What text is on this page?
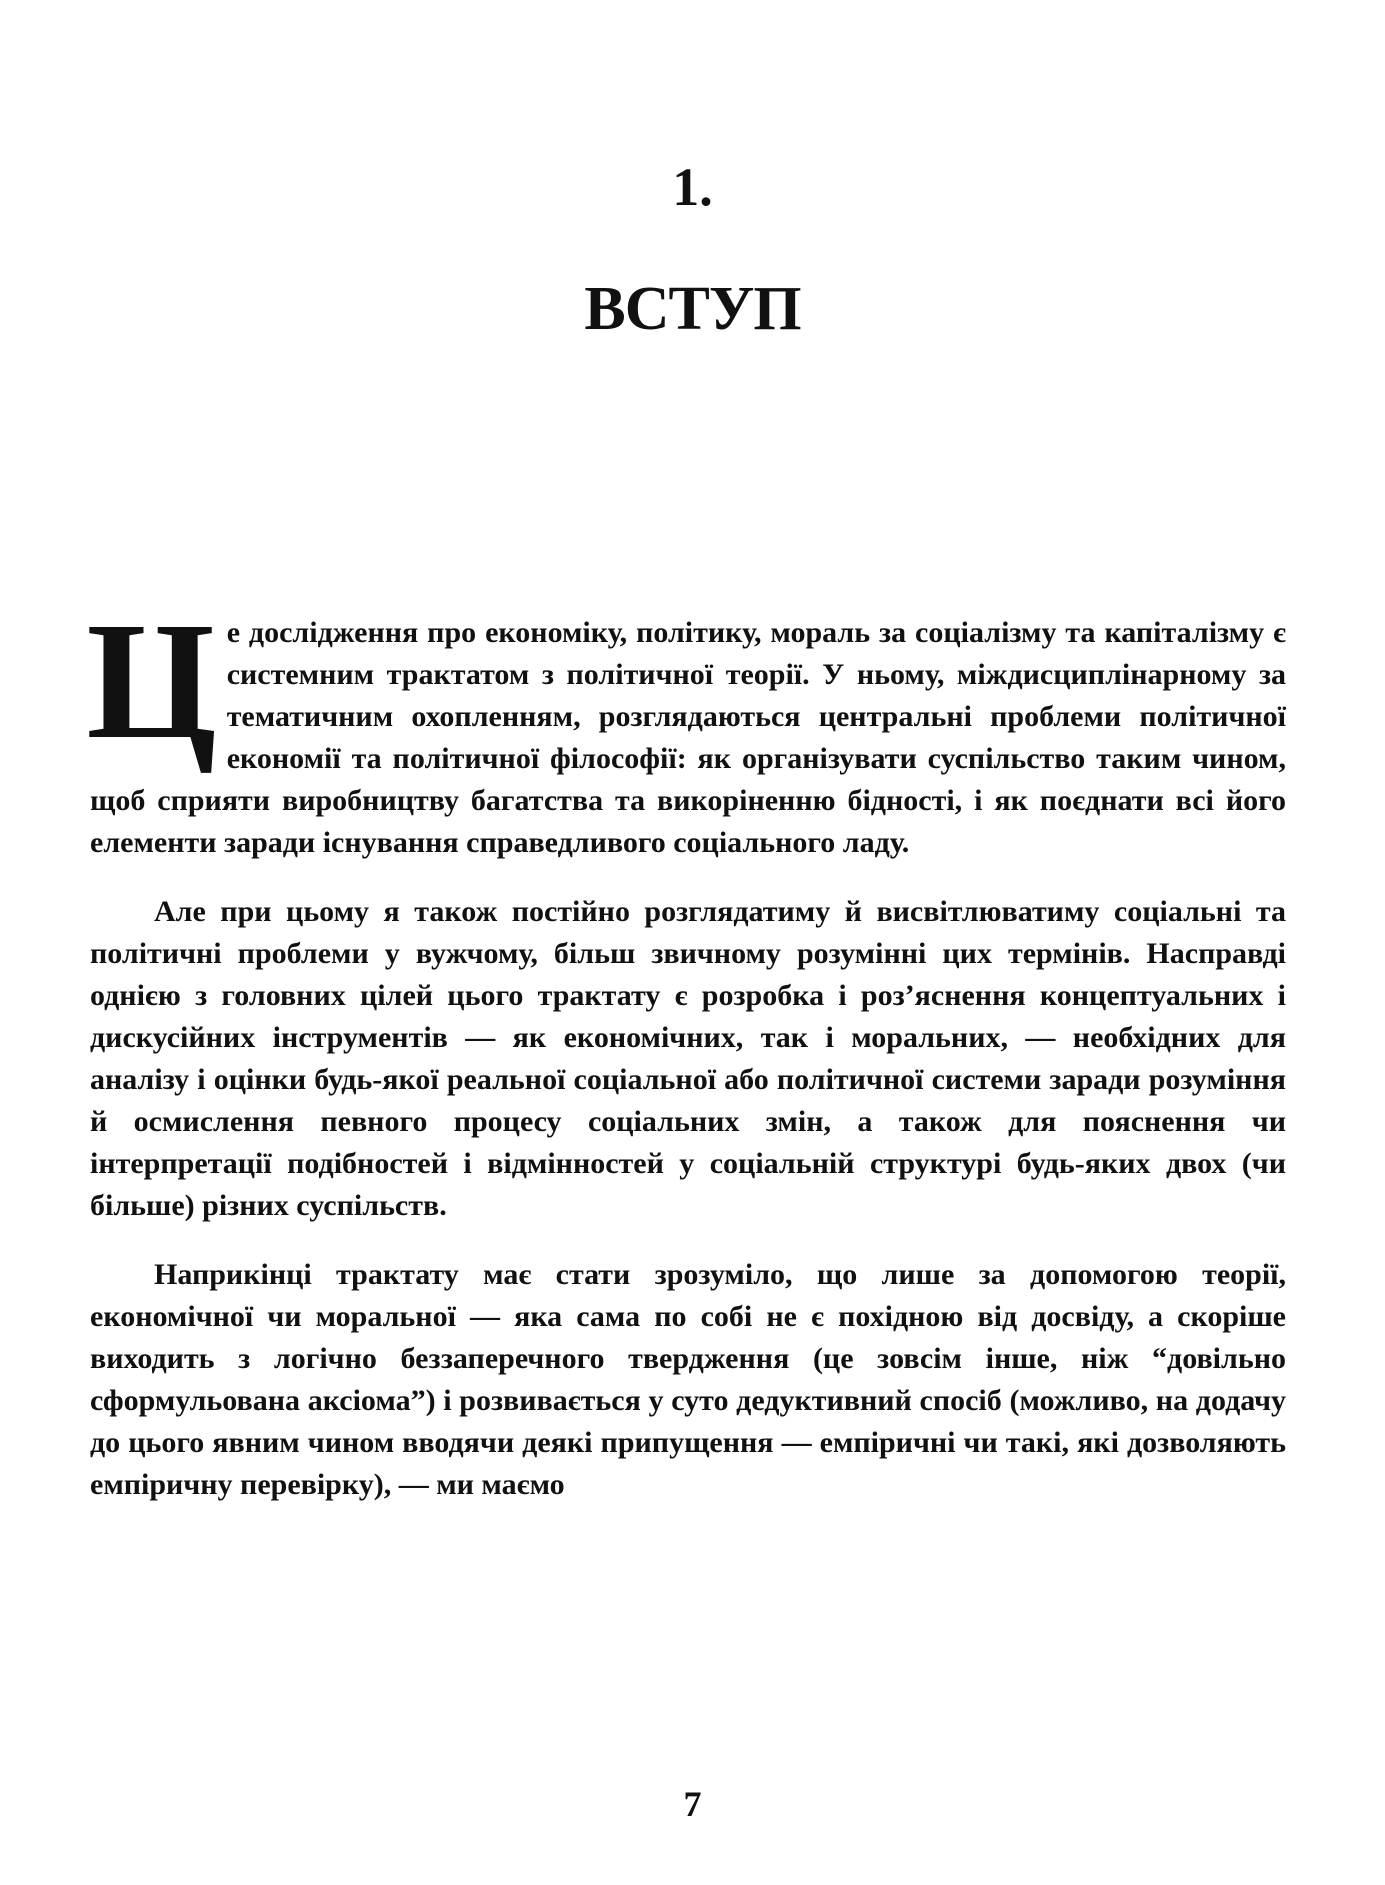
1.
ВСТУП

Це дослідження про економіку, політику, мораль за соціалізму та капіталізму є системним трактатом з політичної теорії. У ньому, міждисциплінарному за тематичним охопленням, розглядаються центральні проблеми політичної економії та політичної філософії: як організувати суспільство таким чином, щоб сприяти виробництву багатства та викоріненню бідності, і як поєднати всі його елементи заради існування справедливого соціального ладу.

Але при цьому я також постійно розглядатиму й висвітлюватиму соціальні та політичні проблеми у вужчому, більш звичному розумінні цих термінів. Насправді однією з головних цілей цього трактату є розробка і роз’яснення концептуальних і дискусійних інструментів — як економічних, так і моральних, — необхідних для аналізу і оцінки будь-якої реальної соціальної або політичної системи заради розуміння й осмислення певного процесу соціальних змін, а також для пояснення чи інтерпретації подібностей і відмінностей у соціальній структурі будь-яких двох (чи більше) різних суспільств.

Наприкінці трактату має стати зрозуміло, що лише за допомогою теорії, економічної чи моральної — яка сама по собі не є похідною від досвіду, а скоріше виходить з логічно беззаперечного твердження (це зовсім інше, ніж “довільно сформульована аксіома”) і розвивається у суто дедуктивний спосіб (можливо, на додачу до цього явним чином вводячи деякі припущення — емпіричні чи такі, які дозволяють емпіричну перевірку), — ми маємо

7
